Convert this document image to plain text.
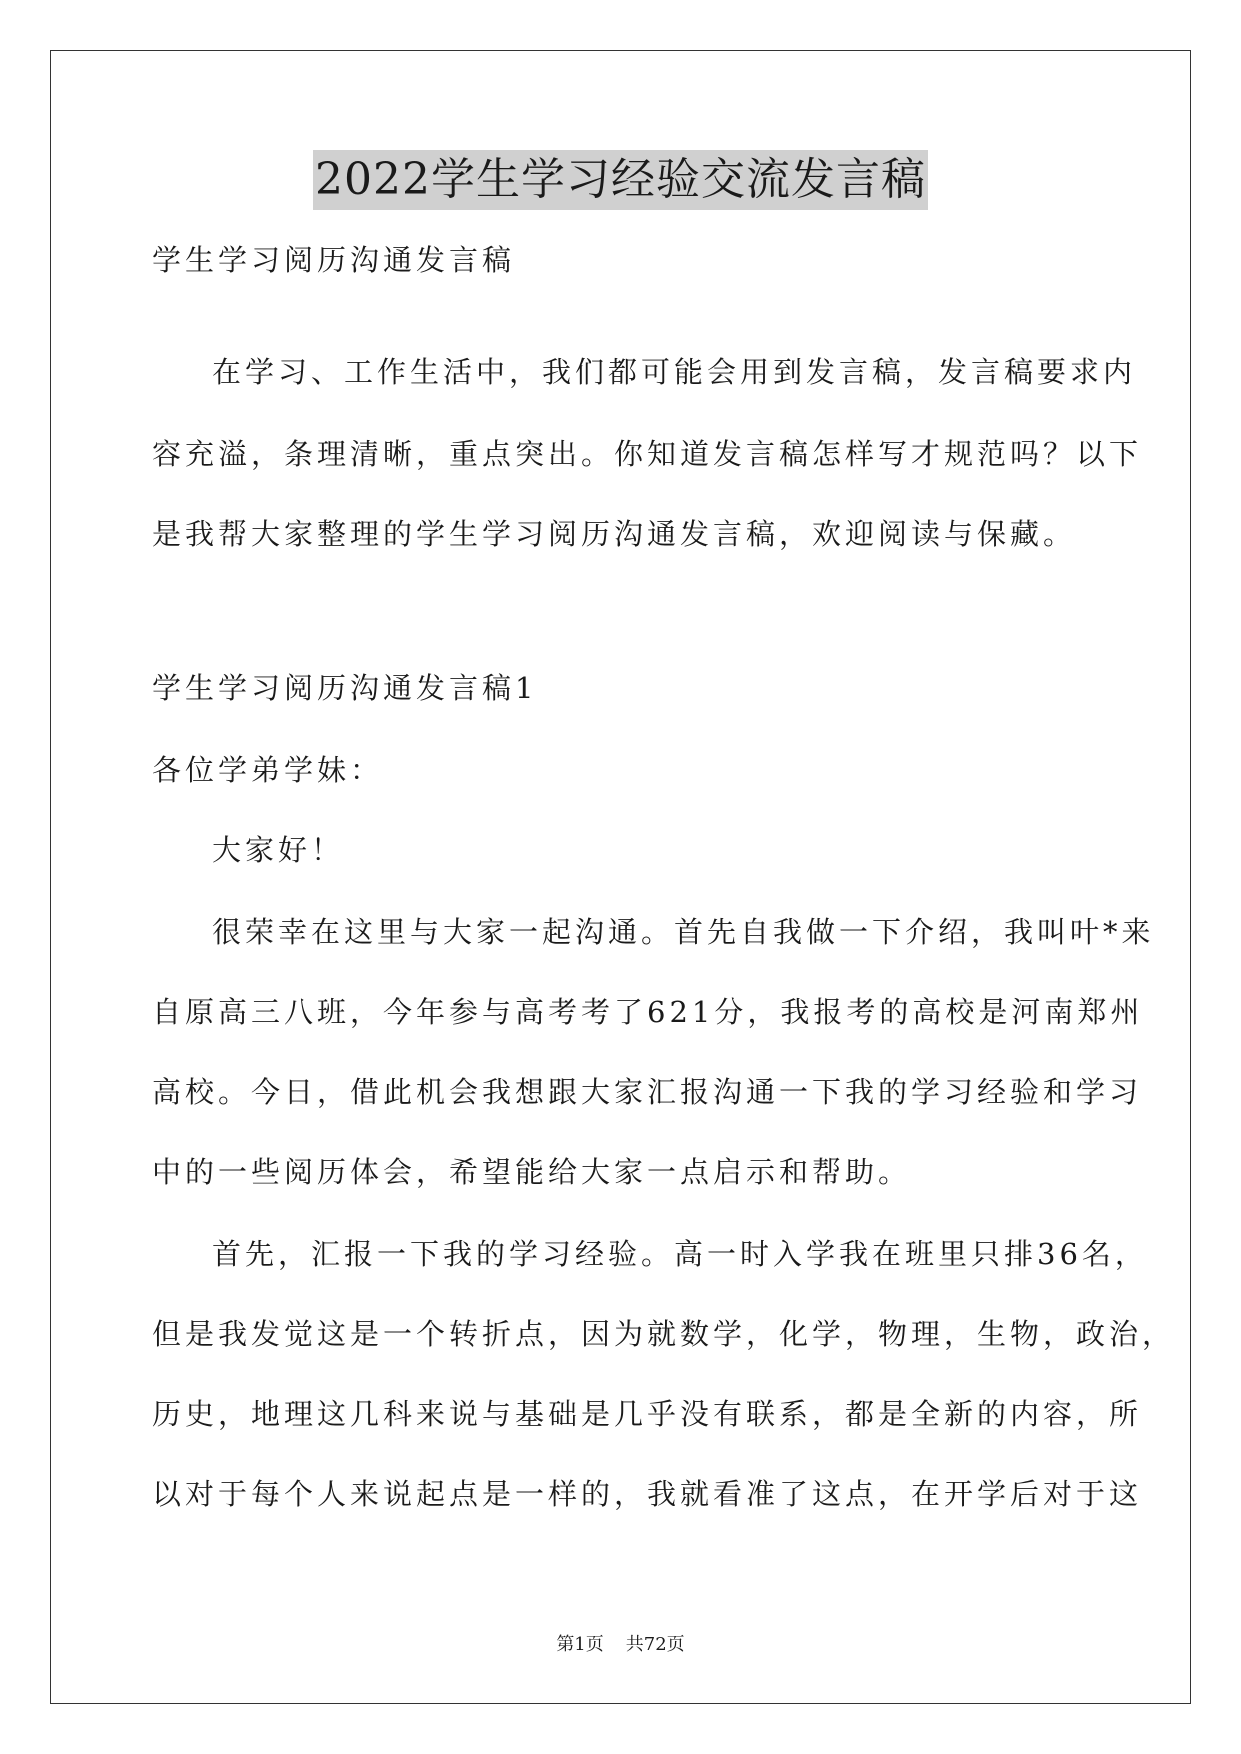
2022学生学习经验交流发言稿
学生学习阅历沟通发言稿
在学习、工作生活中，我们都可能会用到发言稿，发言稿要求内
容充溢，条理清晰，重点突出。你知道发言稿怎样写才规范吗？以下
是我帮大家整理的学生学习阅历沟通发言稿，欢迎阅读与保藏。
学生学习阅历沟通发言稿1
各位学弟学妹：
大家好！
很荣幸在这里与大家一起沟通。首先自我做一下介绍，我叫叶*来
自原高三八班，今年参与高考考了621分，我报考的高校是河南郑州
高校。今日，借此机会我想跟大家汇报沟通一下我的学习经验和学习
中的一些阅历体会，希望能给大家一点启示和帮助。
首先，汇报一下我的学习经验。高一时入学我在班里只排36名，
但是我发觉这是一个转折点，因为就数学，化学，物理，生物，政治，
历史，地理这几科来说与基础是几乎没有联系，都是全新的内容，所
以对于每个人来说起点是一样的，我就看准了这点，在开学后对于这
第1页 共72页
